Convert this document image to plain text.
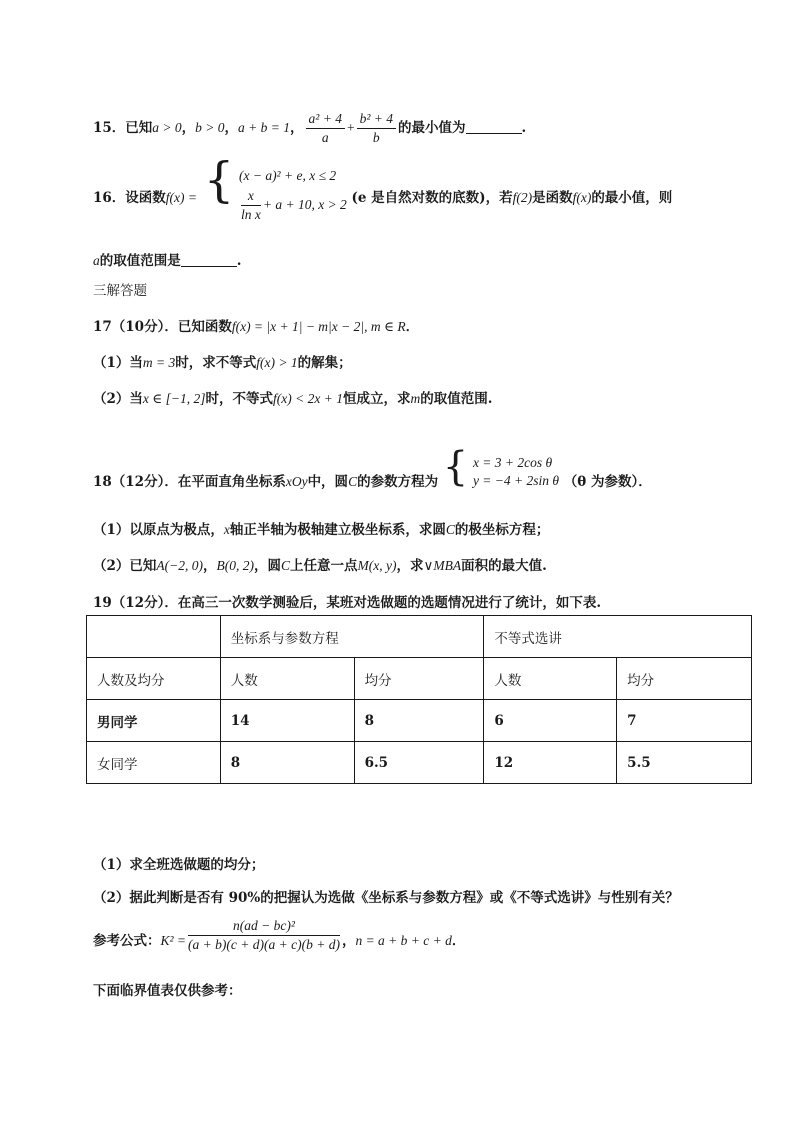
15．已知a > 0，b > 0，a + b = 1， $\frac{\text{a² + 4}}{a} + \frac{\text{b² + 4}}{b}$ 的最小值为	.
16．设函数f(x) = { (x − a)² + e, x ≤ 2
$\frac{x}{\text{ln x}} + a + 10$, x > 2 (e 是自然对数的底数)，若f(2)是函数f(x)的最小值，则
a的取值范围是	.
三解答题
17（10分）．已知函数f(x) = |x + 1| − m|x − 2|, m ∈ R．
（1）当m = 3时，求不等式f(x) > 1的解集；
（2）当x ∈ [−1, 2]时，不等式f(x) < 2x + 1恒成立，求m的取值范围.
18（12分）．在平面直角坐标系xOy中，圆C的参数方程为 { x = 3 + 2cos θ
y = −4 + 2sin θ （θ 为参数）．
（1）以原点为极点，x轴正半轴为极轴建立极坐标系，求圆C的极坐标方程；
（2）已知A(−2, 0)，B(0, 2)，圆C上任意一点M(x, y)，求∨MBA面积的最大值.
19（12分）．在高三一次数学测验后，某班对选做题的选题情况进行了统计，如下表.
	坐标系与参数方程		不等式选讲	
人数及均分	人数	均分	人数	均分
男同学	14	8	6	7
女同学	8	6.5	12	5.5
（1）求全班选做题的均分；
（2）据此判断是否有 90%的把握认为选做《坐标系与参数方程》或《不等式选讲》与性别有关？
参考公式：$K^2 = \frac{\text{n(ad − bc)²}}{(a + b)(c + d)(a + c)(b + d)}$ ，n = a + b + c + d．
下面临界值表仅供参考：
